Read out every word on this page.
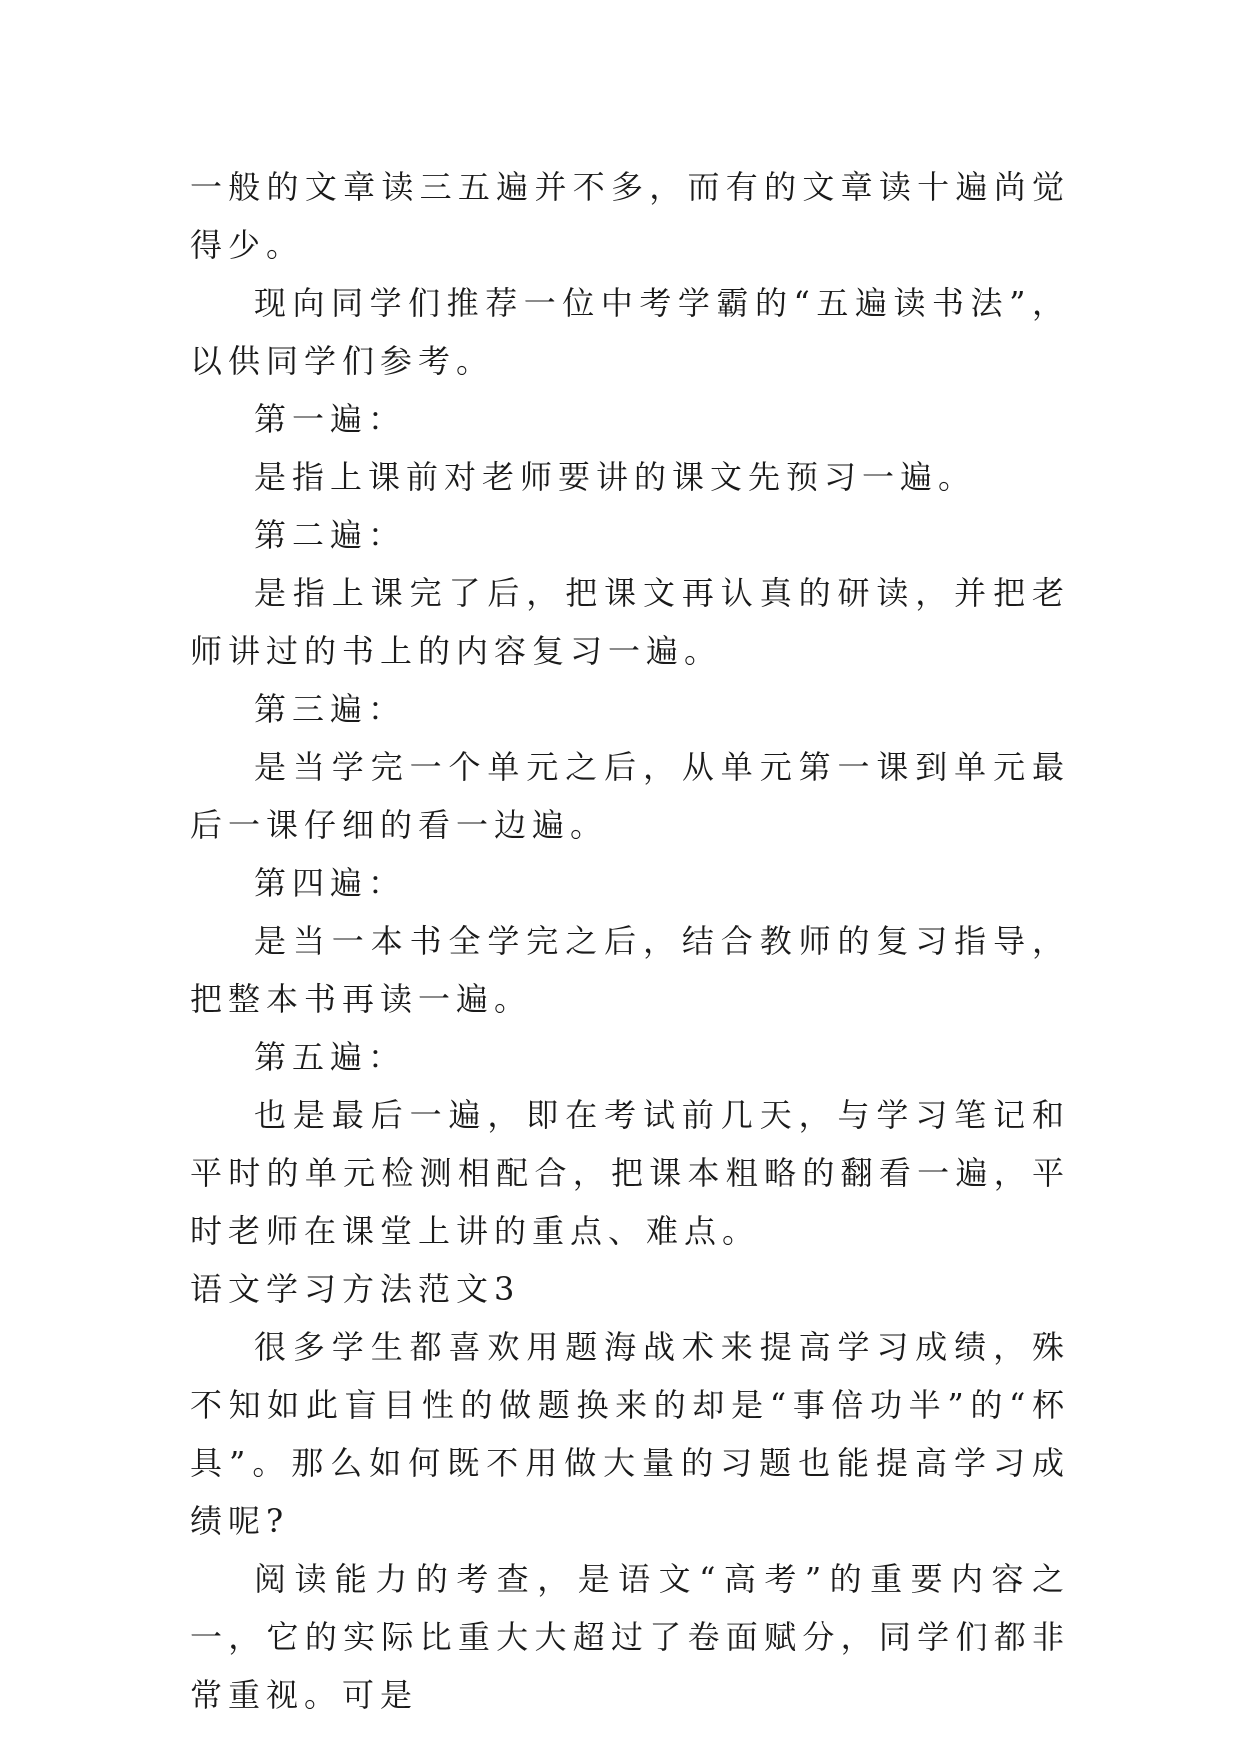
一般的文章读三五遍并不多，而有的文章读十遍尚觉得少。

现向同学们推荐一位中考学霸的“五遍读书法”，以供同学们参考。

第一遍：

是指上课前对老师要讲的课文先预习一遍。

第二遍：

是指上课完了后，把课文再认真的研读，并把老师讲过的书上的内容复习一遍。

第三遍：

是当学完一个单元之后，从单元第一课到单元最后一课仔细的看一边遍。

第四遍：

是当一本书全学完之后，结合教师的复习指导，把整本书再读一遍。

第五遍：

也是最后一遍，即在考试前几天，与学习笔记和平时的单元检测相配合，把课本粗略的翻看一遍，平时老师在课堂上讲的重点、难点。

语文学习方法范文3

很多学生都喜欢用题海战术来提高学习成绩，殊不知如此盲目性的做题换来的却是“事倍功半”的“杯具”。那么如何既不用做大量的习题也能提高学习成绩呢?

阅读能力的考查，是语文“高考”的重要内容之一，它的实际比重大大超过了卷面赋分，同学们都非常重视。可是
